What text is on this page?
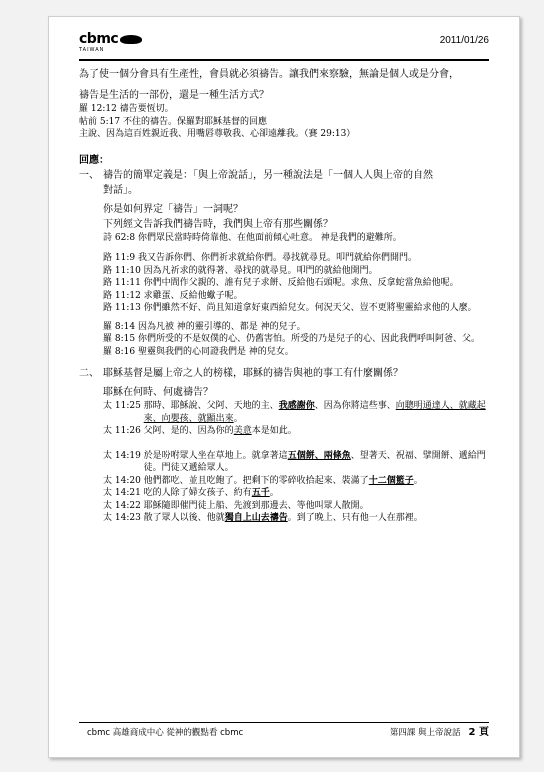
cbmc
TAIWAN
2011/01/26

為了使一個分會具有生產性，會員就必須禱告。讓我們來察驗，無論是個人或是分會，

禱告是生活的一部份，還是一種生活方式？

羅 12:12 禱告要恆切。
帖前 5:17 不住的禱告。保羅對耶穌基督的回應
主說、因為這百姓親近我、用嘴唇尊敬我、心卻遠離我。（賽 29:13）

回應：

一、 禱告的簡單定義是：「與上帝說話」，另一種說法是「一個人人與上帝的自然
對話」。
你是如何界定「禱告」一詞呢？
下列經文告訴我們禱告時，我們與上帝有那些關係？
詩 62:8 你們眾民當時時倚靠他、在他面前傾心吐意。 神是我們的避難所。
路 11:9 我又告訴你們、你們祈求就給你們。尋找就尋見。叩門就給你們開門。
路 11:10 因為凡祈求的就得著、尋找的就尋見。叩門的就給他開門。
路 11:11 你們中間作父親的、誰有兒子求餅、反給他石頭呢。求魚、反拿蛇當魚給他呢。
路 11:12 求雞蛋、反給他蠍子呢。
路 11:13 你們雖然不好、尚且知道拿好東西給兒女。何況天父、豈不更將聖靈給求他的人麼。
羅 8:14 因為凡被 神的靈引導的、都是 神的兒子。
羅 8:15 你們所受的不是奴僕的心、仍舊害怕。所受的乃是兒子的心、因此我們呼叫阿爸、父。
羅 8:16 聖靈與我們的心同證我們是 神的兒女。
二、 耶穌基督是屬上帝之人的榜樣，耶穌的禱告與祂的事工有什麼關係？
耶穌在何時、何處禱告？
太 11:25 那時、耶穌說、父阿、天地的主、我感謝你、因為你將這些事、向聰明通達人、就藏起來、向嬰孩、就顯出來。
太 11:26 父阿、是的、因為你的美意本是如此。
太 14:19 於是吩咐眾人坐在草地上。就拿著這五個餅、兩條魚、望著天、祝福、擘開餅、遞給門徒。門徒又遞給眾人。
太 14:20 他們都吃、並且吃飽了。把剩下的零碎收拾起來、裝滿了十二個籃子。
太 14:21 吃的人除了婦女孩子、約有五千。
太 14:22 耶穌隨即催門徒上船、先渡到那邊去、等他叫眾人散開。
太 14:23 散了眾人以後、他就獨自上山去禱告。到了晚上、只有他一人在那裡。
cbmc 高雄商成中心 從神的觀點看 cbmc	第四課 與上帝說話 2 頁
